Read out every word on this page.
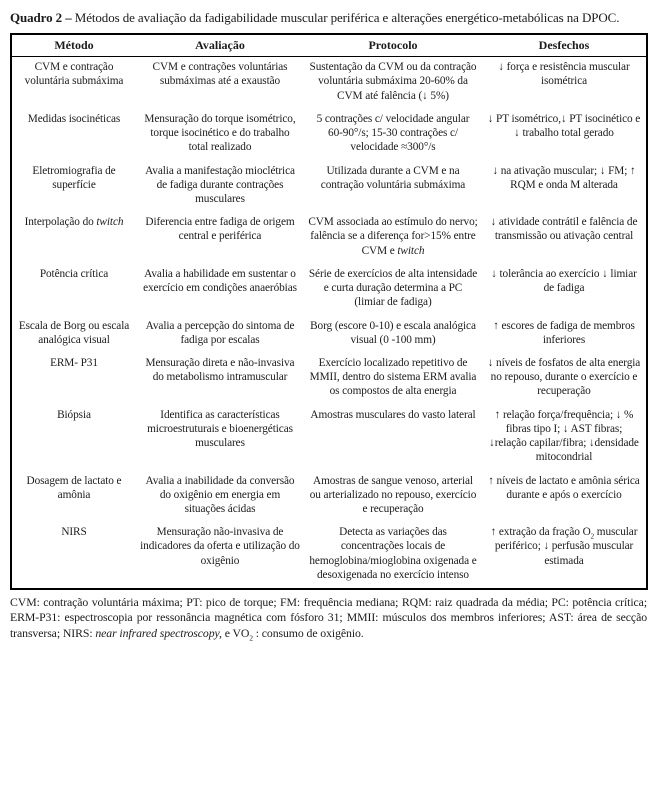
Quadro 2 – Métodos de avaliação da fadigabilidade muscular periférica e alterações energético-metabólicas na DPOC.

Método	Avaliação	Protocolo	Desfechos
CVM e contração voluntária submáxima	CVM e contrações voluntárias submáximas até a exaustão	Sustentação da CVM ou da contração voluntária submáxima 20-60% da CVM até falência (↓ 5%)	↓ força e resistência muscular isométrica
Medidas isocinéticas	Mensuração do torque isométrico, torque isocinético e do trabalho total realizado	5 contrações c/ velocidade angular 60-90°/s; 15-30 contrações c/ velocidade ≈300°/s	↓ PT isométrico,↓ PT isocinético e ↓ trabalho total gerado
Eletromiografia de superfície	Avalia a manifestação mioclétrica de fadiga durante contrações musculares	Utilizada durante a CVM e na contração voluntária submáxima	↓ na ativação muscular; ↓ FM; ↑ RQM e onda M alterada
Interpolação do twitch	Diferencia entre fadiga de origem central e periférica	CVM associada ao estímulo do nervo; falência se a diferença for>15% entre CVM e twitch	↓ atividade contrátil e falência de transmissão ou ativação central
Potência crítica	Avalia a habilidade em sustentar o exercício em condições anaeróbias	Série de exercícios de alta intensidade e curta duração determina a PC (limiar de fadiga)	↓ tolerância ao exercício ↓ limiar de fadiga
Escala de Borg ou escala analógica visual	Avalia a percepção do sintoma de fadiga por escalas	Borg (escore 0-10) e escala analógica visual (0 -100 mm)	↑ escores de fadiga de membros inferiores
ERM- P31	Mensuração direta e não-invasiva do metabolismo intramuscular	Exercício localizado repetitivo de MMII, dentro do sistema ERM avalia os compostos de alta energia	↓ níveis de fosfatos de alta energia no repouso, durante o exercício e recuperação
Biópsia	Identifica as características microestruturais e bioenergéticas musculares	Amostras musculares do vasto lateral	↑ relação força/frequência; ↓ % fibras tipo I; ↓ AST fibras; ↓relação capilar/fibra; ↓densidade mitocondrial
Dosagem de lactato e amônia	Avalia a inabilidade da conversão do oxigênio em energia em situações ácidas	Amostras de sangue venoso, arterial ou arterializado no repouso, exercício e recuperação	↑ níveis de lactato e amônia sérica durante e após o exercício
NIRS	Mensuração não-invasiva de indicadores da oferta e utilização do oxigênio	Detecta as variações das concentrações locais de hemoglobina/mioglobina oxigenada e desoxigenada no exercício intenso	↑ extração da fração $O_2$ muscular periférico; ↓ perfusão muscular estimada

CVM: contração voluntária máxima; PT: pico de torque; FM: frequência mediana; RQM: raiz quadrada da média; PC: potência crítica; ERM-P31: espectroscopia por ressonância magnética com fósforo 31; MMII: músculos dos membros inferiores; AST: área de secção transversa; NIRS: near infrared spectroscopy, e $VO_2$ : consumo de oxigênio.
